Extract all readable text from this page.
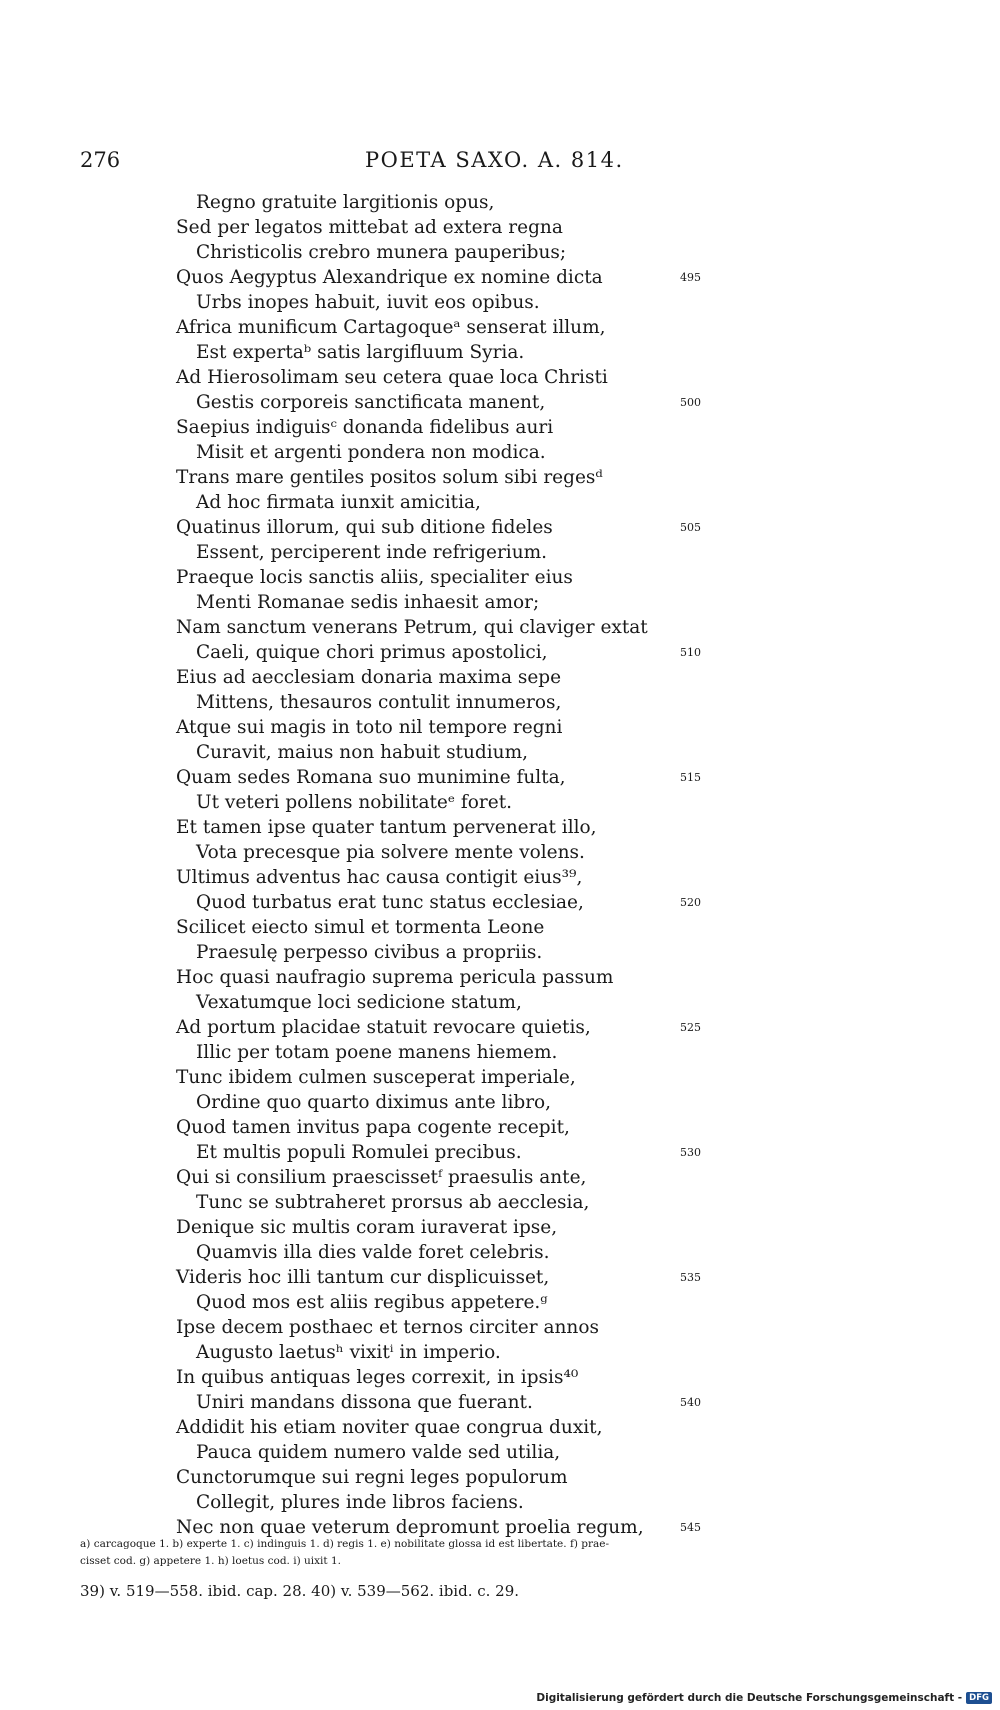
276	POETA SAXO. A. 814.
Regno gratuite largitionis opus,
Sed per legatos mittebat ad extera regna
Christicolis crebro munera pauperibus;
Quos Aegyptus Alexandrique ex nomine dicta	495
Urbs inopes habuit, iuvit eos opibus.
Africa munificum Cartagoqueᵃ senserat illum,
Est expertaᵇ satis largifluum Syria.
Ad Hierosolimam seu cetera quae loca Christi
Gestis corporeis sanctificata manent,	500
Saepius indiguisᶜ donanda fidelibus auri
Misit et argenti pondera non modica.
Trans mare gentiles positos solum sibi regesᵈ
Ad hoc firmata iunxit amicitia,
Quatinus illorum, qui sub ditione fideles	505
Essent, perciperent inde refrigerium.
Praeque locis sanctis aliis, specialiter eius
Menti Romanae sedis inhaesit amor;
Nam sanctum venerans Petrum, qui claviger extat
Caeli, quique chori primus apostolici,	510
Eius ad aecclesiam donaria maxima sepe
Mittens, thesauros contulit innumeros,
Atque sui magis in toto nil tempore regni
Curavit, maius non habuit studium,
Quam sedes Romana suo munimine fulta,	515
Ut veteri pollens nobilitateᵉ foret.
Et tamen ipse quater tantum pervenerat illo,
Vota precesque pia solvere mente volens.
Ultimus adventus hac causa contigit eius³⁹,
Quod turbatus erat tunc status ecclesiae,	520
Scilicet eiecto simul et tormenta Leone
Praesulę perpesso civibus a propriis.
Hoc quasi naufragio suprema pericula passum
Vexatumque loci sedicione statum,
Ad portum placidae statuit revocare quietis,	525
Illic per totam poene manens hiemem.
Tunc ibidem culmen susceperat imperiale,
Ordine quo quarto diximus ante libro,
Quod tamen invitus papa cogente recepit,
Et multis populi Romulei precibus.	530
Qui si consilium praescissetᶠ praesulis ante,
Tunc se subtraheret prorsus ab aecclesia,
Denique sic multis coram iuraverat ipse,
Quamvis illa dies valde foret celebris.
Videris hoc illi tantum cur displicuisset,	535
Quod mos est aliis regibus appetere.ᵍ
Ipse decem posthaec et ternos circiter annos
Augusto laetusʰ vixitⁱ in imperio.
In quibus antiquas leges correxit, in ipsis⁴⁰
Uniri mandans dissona que fuerant.	540
Addidit his etiam noviter quae congrua duxit,
Pauca quidem numero valde sed utilia,
Cunctorumque sui regni leges populorum
Collegit, plures inde libros faciens.
Nec non quae veterum depromunt proelia regum,	545
a) carcagoque 1. b) experte 1. c) indinguis 1. d) regis 1. e) nobilitate glossa id est libertate. f) prae-
cisset cod. g) appetere 1. h) loetus cod. i) uixit 1.
39) v. 519—558. ibid. cap. 28. 40) v. 539—562. ibid. c. 29.
Digitalisierung gefördert durch die Deutsche Forschungsgemeinschaft - DFG
